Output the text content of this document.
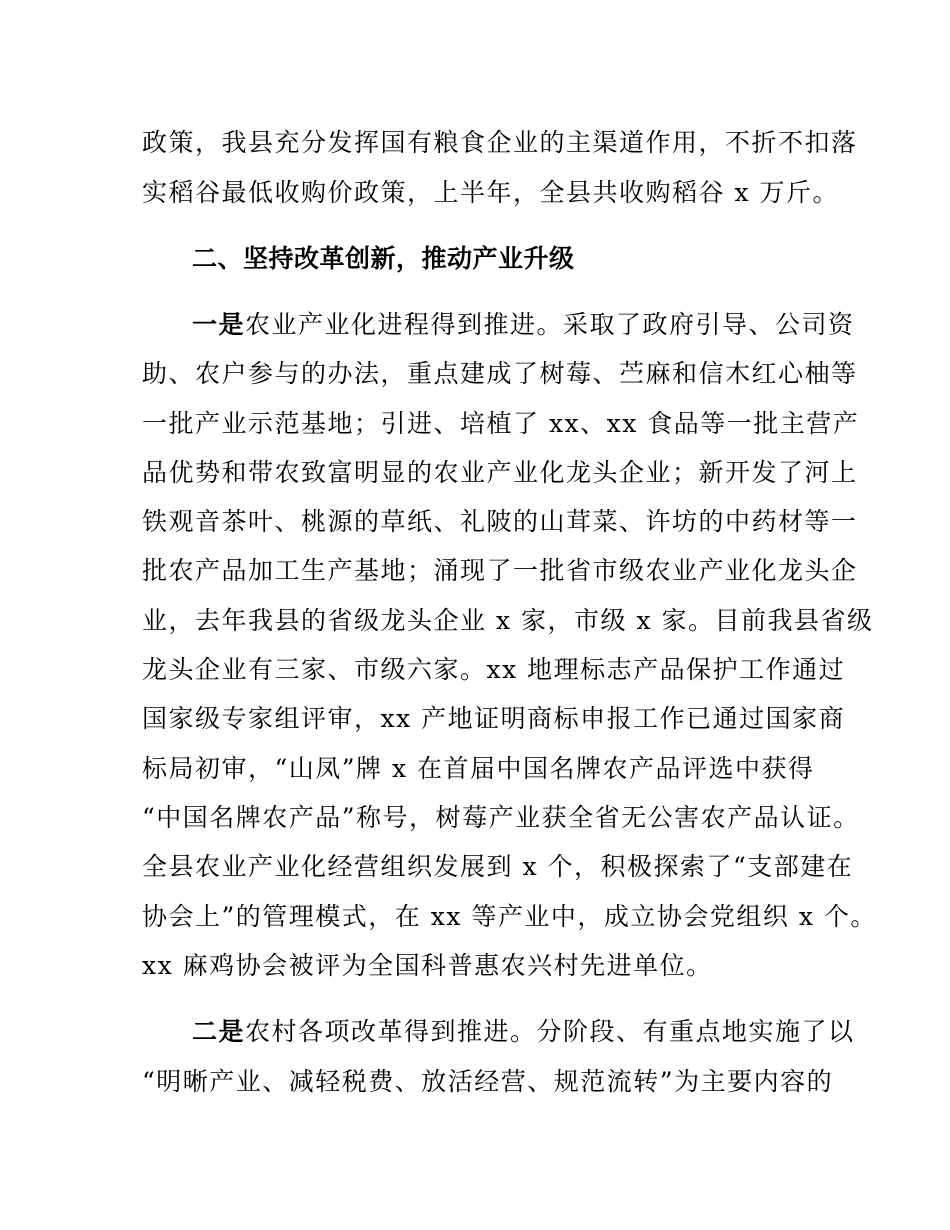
政策，我县充分发挥国有粮食企业的主渠道作用，不折不扣落
实稻谷最低收购价政策，上半年，全县共收购稻谷 x 万斤。
二、坚持改革创新，推动产业升级
一是农业产业化进程得到推进。采取了政府引导、公司资
助、农户参与的办法，重点建成了树莓、苎麻和信木红心柚等
一批产业示范基地；引进、培植了 xx、xx 食品等一批主营产
品优势和带农致富明显的农业产业化龙头企业；新开发了河上
铁观音茶叶、桃源的草纸、礼陂的山茸菜、许坊的中药材等一
批农产品加工生产基地；涌现了一批省市级农业产业化龙头企
业，去年我县的省级龙头企业 x 家，市级 x 家。目前我县省级
龙头企业有三家、市级六家。xx 地理标志产品保护工作通过
国家级专家组评审，xx 产地证明商标申报工作已通过国家商
标局初审，“山凤”牌 x 在首届中国名牌农产品评选中获得
“中国名牌农产品”称号，树莓产业获全省无公害农产品认证。
全县农业产业化经营组织发展到 x 个，积极探索了“支部建在
协会上”的管理模式，在 xx 等产业中，成立协会党组织 x 个。
xx 麻鸡协会被评为全国科普惠农兴村先进单位。
二是农村各项改革得到推进。分阶段、有重点地实施了以
“明晰产业、减轻税费、放活经营、规范流转”为主要内容的
